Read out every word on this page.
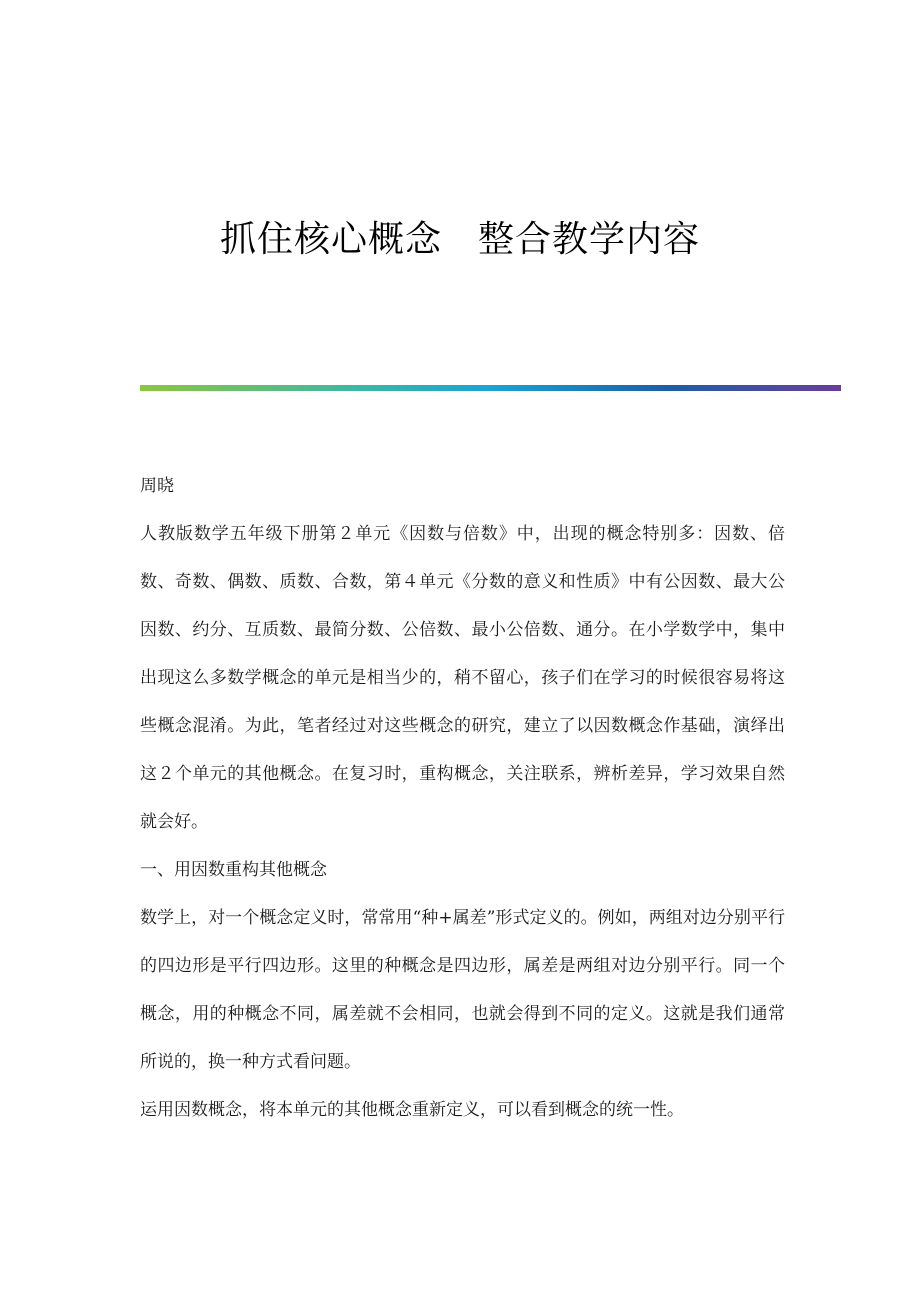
抓住核心概念 整合教学内容

周晓

人教版数学五年级下册第２单元《因数与倍数》中，出现的概念特别多：因数、倍数、奇数、偶数、质数、合数，第４单元《分数的意义和性质》中有公因数、最大公因数、约分、互质数、最简分数、公倍数、最小公倍数、通分。在小学数学中，集中出现这么多数学概念的单元是相当少的，稍不留心，孩子们在学习的时候很容易将这些概念混淆。为此，笔者经过对这些概念的研究，建立了以因数概念作基础，演绎出这２个单元的其他概念。在复习时，重构概念，关注联系，辨析差异，学习效果自然就会好。

一、用因数重构其他概念

数学上，对一个概念定义时，常常用“种+属差”形式定义的。例如，两组对边分别平行的四边形是平行四边形。这里的种概念是四边形，属差是两组对边分别平行。同一个概念，用的种概念不同，属差就不会相同，也就会得到不同的定义。这就是我们通常所说的，换一种方式看问题。

运用因数概念，将本单元的其他概念重新定义，可以看到概念的统一性。
